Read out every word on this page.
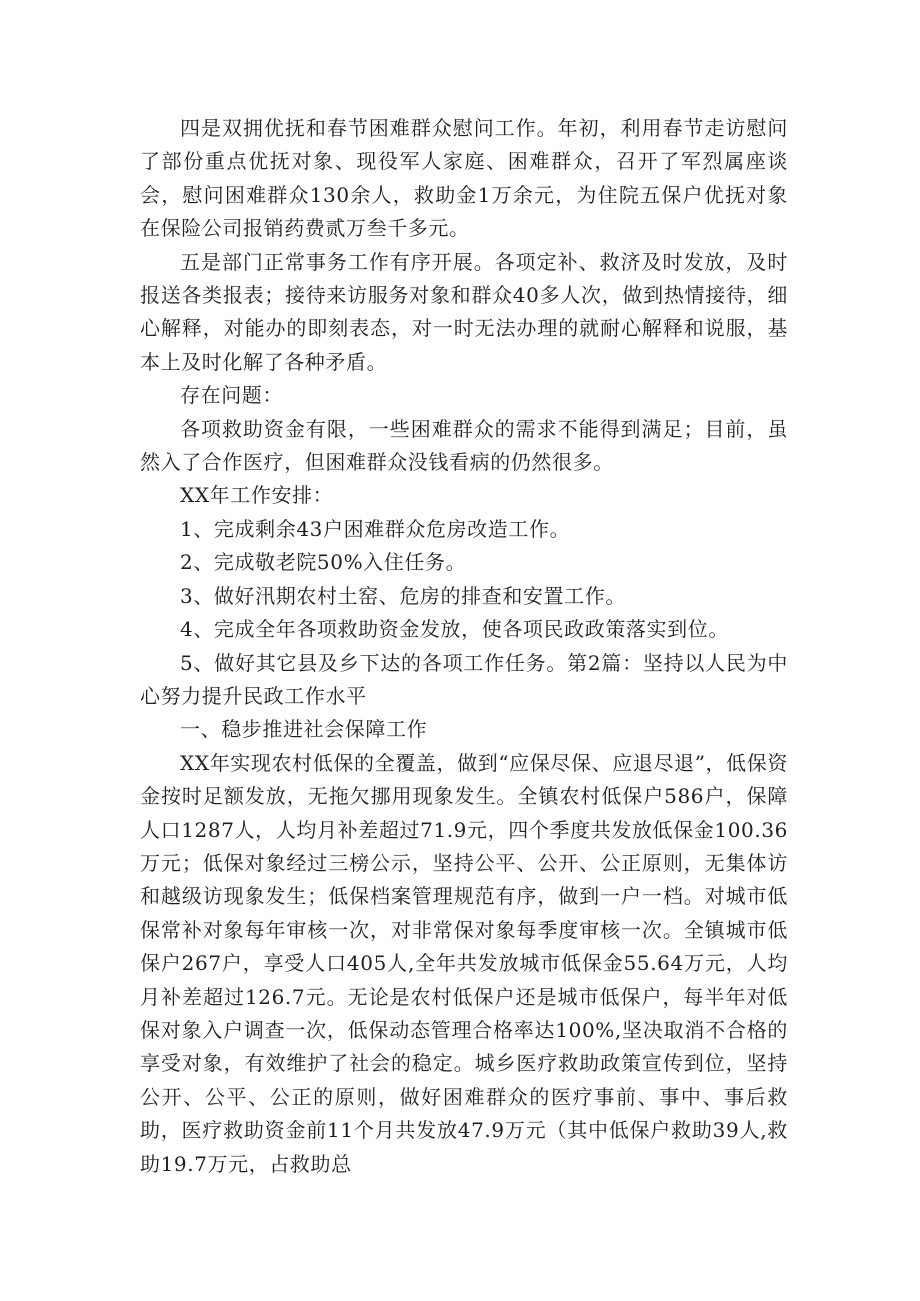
四是双拥优抚和春节困难群众慰问工作。年初，利用春节走访慰问了部份重点优抚对象、现役军人家庭、困难群众，召开了军烈属座谈会，慰问困难群众130余人，救助金1万余元，为住院五保户优抚对象在保险公司报销药费贰万叁千多元。

五是部门正常事务工作有序开展。各项定补、救济及时发放，及时报送各类报表；接待来访服务对象和群众40多人次，做到热情接待，细心解释，对能办的即刻表态，对一时无法办理的就耐心解释和说服，基本上及时化解了各种矛盾。

存在问题：

各项救助资金有限，一些困难群众的需求不能得到满足；目前，虽然入了合作医疗，但困难群众没钱看病的仍然很多。

XX年工作安排：

1、完成剩余43户困难群众危房改造工作。

2、完成敬老院50%入住任务。

3、做好汛期农村土窑、危房的排查和安置工作。

4、完成全年各项救助资金发放，使各项民政政策落实到位。

5、做好其它县及乡下达的各项工作任务。第2篇：坚持以人民为中心努力提升民政工作水平

一、稳步推进社会保障工作

XX年实现农村低保的全覆盖，做到“应保尽保、应退尽退”，低保资金按时足额发放，无拖欠挪用现象发生。全镇农村低保户586户，保障人口1287人，人均月补差超过71.9元，四个季度共发放低保金100.36万元；低保对象经过三榜公示，坚持公平、公开、公正原则，无集体访和越级访现象发生；低保档案管理规范有序，做到一户一档。对城市低保常补对象每年审核一次，对非常保对象每季度审核一次。全镇城市低保户267户，享受人口405人,全年共发放城市低保金55.64万元，人均月补差超过126.7元。无论是农村低保户还是城市低保户，每半年对低保对象入户调查一次，低保动态管理合格率达100%,坚决取消不合格的享受对象，有效维护了社会的稳定。城乡医疗救助政策宣传到位，坚持公开、公平、公正的原则，做好困难群众的医疗事前、事中、事后救助，医疗救助资金前11个月共发放47.9万元（其中低保户救助39人,救助19.7万元，占救助总
